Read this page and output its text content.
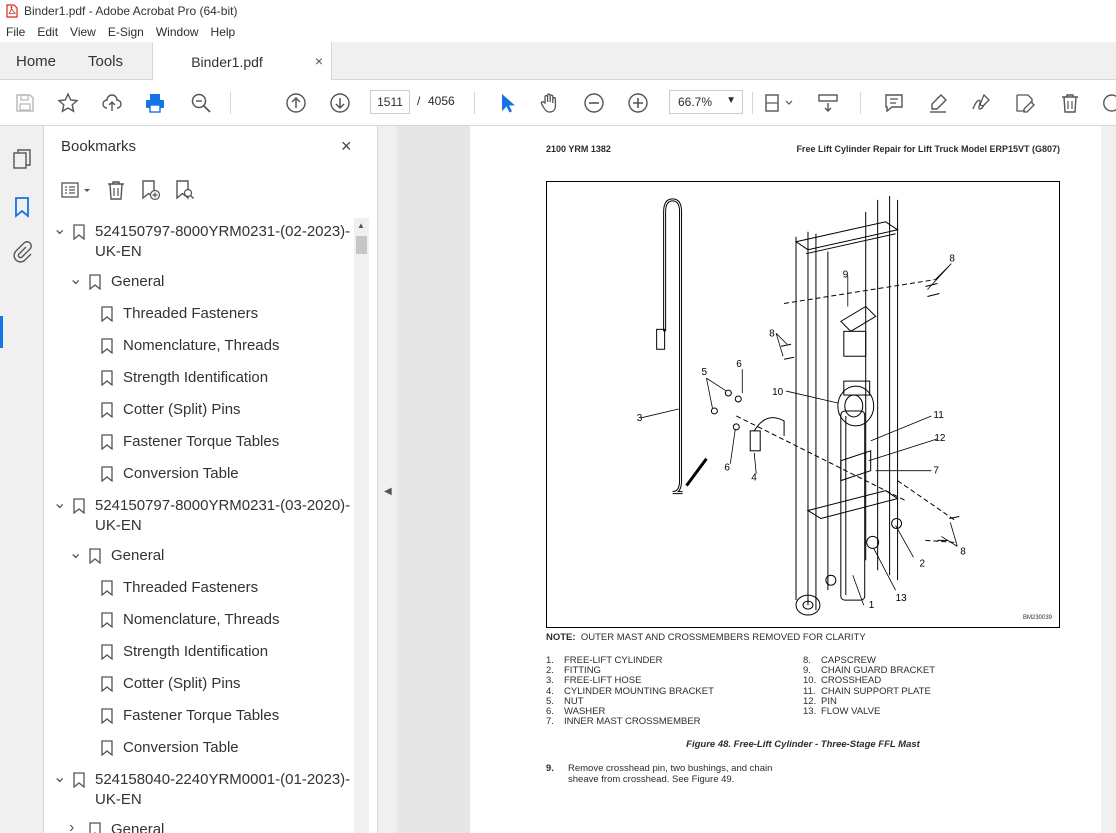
Binder1.pdf - Adobe Acrobat Pro (64-bit)
File	Edit	View	E-Sign	Window	Help
Home Tools	Binder1.pdf	×
1511	/ 4056	66.7% ▼
Bookmarks	×
⌄ 524150797-8000YRM0231-(02-2023)-
UK-EN
⌄ General
Threaded Fasteners
Nomenclature, Threads
Strength Identification
Cotter (Split) Pins
Fastener Torque Tables
Conversion Table
⌄ 524150797-8000YRM0231-(03-2020)-
UK-EN
⌄ General
Threaded Fasteners
Nomenclature, Threads
Strength Identification
Cotter (Split) Pins
Fastener Torque Tables
Conversion Table
⌄ 524158040-2240YRM0001-(01-2023)-
UK-EN
›	General
▲
◀
2100 YRM 1382	Free Lift Cylinder Repair for Lift Truck Model ERP15VT (G807)
1
2
3
4
5
6
6	7
8
8
8
9
10
11
12
13
BM230039
NOTE: OUTER MAST AND CROSSMEMBERS REMOVED FOR CLARITY
1.	FREE-LIFT CYLINDER
2.	FITTING
3.	FREE-LIFT HOSE
4.	CYLINDER MOUNTING BRACKET
5.	NUT
6.	WASHER
7.	INNER MAST CROSSMEMBER
8.	CAPSCREW
9.	CHAIN GUARD BRACKET
10. CROSSHEAD
11. CHAIN SUPPORT PLATE
12. PIN
13. FLOW VALVE
Figure 48. Free-Lift Cylinder - Three-Stage FFL Mast
9.	Remove crosshead pin, two bushings, and chain sheave from crosshead. See Figure 49.
